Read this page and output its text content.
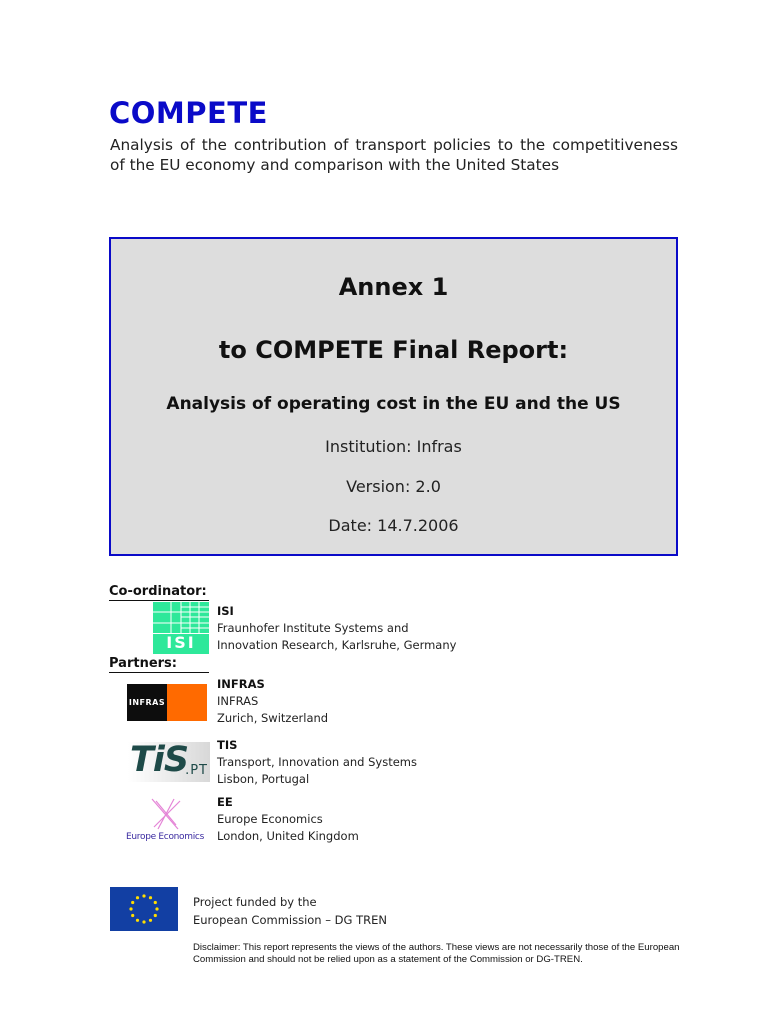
COMPETE
Analysis of the contribution of transport policies to the competitiveness of the EU economy and comparison with the United States
Annex 1
to COMPETE Final Report:
Analysis of operating cost in the EU and the US
Institution: Infras
Version: 2.0
Date: 14.7.2006
Co-ordinator:
ISI
ISI
Fraunhofer Institute Systems and
Innovation Research, Karlsruhe, Germany
Partners:
INFRAS
INFRAS
INFRAS
Zurich, Switzerland
TiS
.PT
TIS
Transport, Innovation and Systems
Lisbon, Portugal
Europe Economics
EE
Europe Economics
London, United Kingdom
Project funded by the
European Commission – DG TREN
Disclaimer: This report represents the views of the authors. These views are not necessarily those of the European Commission and should not be relied upon as a statement of the Commission or DG-TREN.
